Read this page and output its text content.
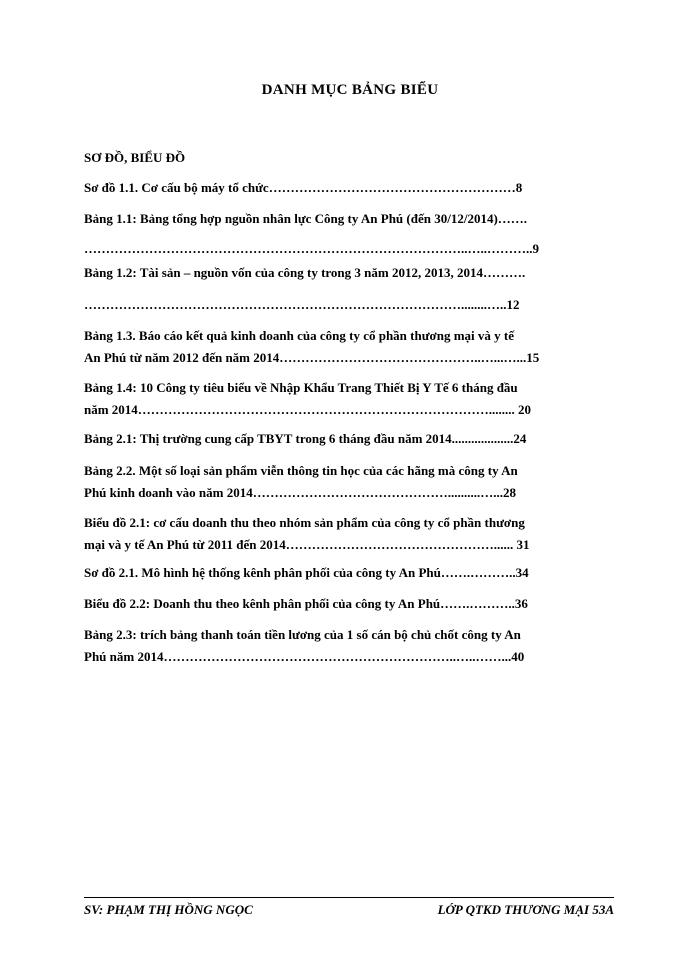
DANH MỤC BẢNG BIỂU
SƠ ĐỒ, BIỂU ĐỒ
Sơ đồ 1.1. Cơ cấu bộ máy tổ chức…………………………………………………8
Bảng 1.1: Bảng tổng hợp nguồn nhân lực Công ty An Phú (đến 30/12/2014)…….
……………………………………………………………………………..…..………..9
Bảng 1.2: Tài sản – nguồn vốn của công ty trong 3 năm 2012, 2013, 2014……….
……………………………………………………………………………........…..12
Bảng 1.3. Báo cáo kết quả kinh doanh của công ty cổ phần thương mại và y tế
An Phú từ năm 2012 đến năm 2014………………………………………..…...…...15
Bảng 1.4: 10 Công ty tiêu biểu về Nhập Khẩu Trang Thiết Bị Y Tế 6 tháng đầu
năm 2014………………………………………………………………………........ 20
Bảng 2.1: Thị trường cung cấp TBYT trong 6 tháng đầu năm 2014...................24
Bảng 2.2. Một số loại sản phẩm viễn thông tin học của các hãng mà công ty An
Phú kinh doanh vào năm 2014………………………………………..........…...28
Biểu đồ 2.1: cơ cấu doanh thu theo nhóm sản phẩm của công ty cổ phần thương
mại và y tế An Phú từ 2011 đến 2014…………………………………………...... 31
Sơ đồ 2.1. Mô hình hệ thống kênh phân phối của công ty An Phú…….………..34
Biểu đồ 2.2: Doanh thu theo kênh phân phối của công ty An Phú…….………..36
Bảng 2.3: trích bảng thanh toán tiền lương của 1 số cán bộ chủ chốt công ty An
Phú năm 2014…………………………………………………………..…..……...40
SV: PHẠM THỊ HỒNG NGỌC	LỚP QTKD THƯƠNG MẠI 53A
